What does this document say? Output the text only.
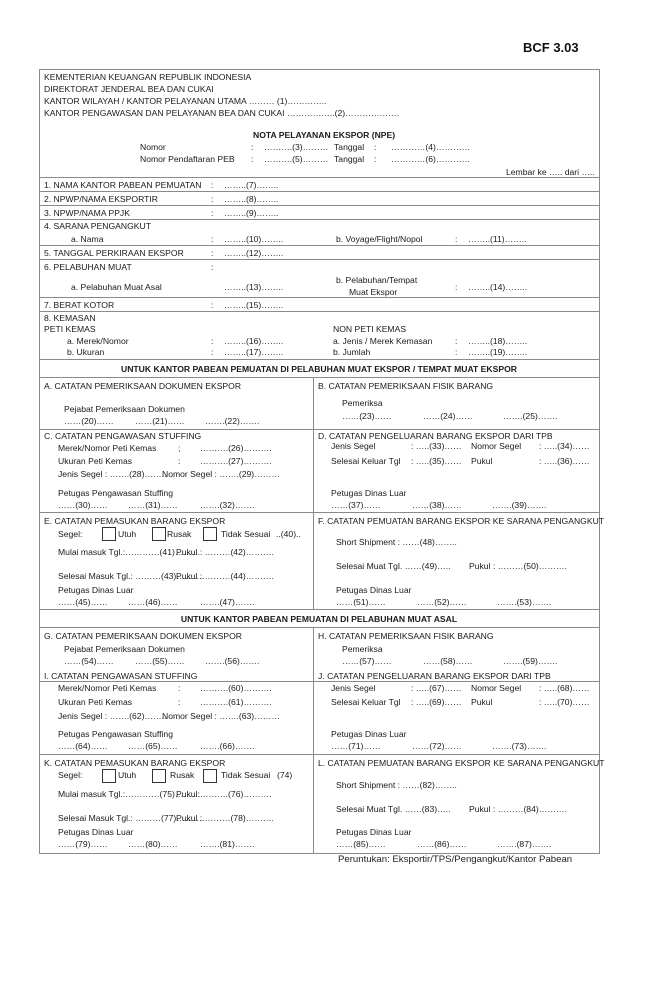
BCF 3.03
KEMENTERIAN KEUANGAN REPUBLIK INDONESIA
DIREKTORAT JENDERAL BEA DAN CUKAI
KANTOR WILAYAH / KANTOR PELAYANAN UTAMA ……… (1)…………..
KANTOR PENGAWASAN DAN PELAYANAN BEA DAN CUKAI ……………..(2)……………….
NOTA PELAYANAN EKSPOR (NPE)
Nomor	: ……….(3)……… Tanggal : …………(4)…………
Nomor Pendaftaran PEB : ……….(5)……… Tanggal : …………(6)…………
Lembar ke ….. dari …..
1. NAMA KANTOR PABEAN PEMUATAN : ……..(7)……..
2. NPWP/NAMA EKSPORTIR	: ……..(8)……..
3. NPWP/NAMA PPJK	: ……..(9)……..
4. SARANA PENGANGKUT
a. Nama	: ……..(10)……..	b. Voyage/Flight/Nopol	: ……..(11)……..
5. TANGGAL PERKIRAAN EKSPOR	: ……..(12)……..
6. PELABUHAN MUAT	:
a. Pelabuhan Muat Asal	……..(13)……..
b. Pelabuhan/Tempat
Muat Ekspor	: ……..(14)……..
7. BERAT KOTOR	: ……..(15)……..
8. KEMASAN
PETI KEMAS
a. Merek/Nomor	: ……..(16)……..
b. Ukuran	: ……..(17)……..
NON PETI KEMAS
a. Jenis / Merek Kemasan	: ……..(18)……..
b. Jumlah	: ……..(19)……..
UNTUK KANTOR PABEAN PEMUATAN DI PELABUHAN MUAT EKSPOR / TEMPAT MUAT EKSPOR
A. CATATAN PEMERIKSAAN DOKUMEN EKSPOR
Pejabat Pemeriksaan Dokumen
……(20)…… ……(21)…… …….(22)…….
B. CATATAN PEMERIKSAAN FISIK BARANG
Pemeriksa
……(23)……	……(24)……	…….(25)…….
C. CATATAN PENGAWASAN STUFFING
Merek/Nomor Peti Kemas	; ……….(26)……….
Ukuran Peti Kemas	: ……….(27)……….
Jenis Segel : …….(28)……..
Nomor Segel : …….(29)………
Petugas Pengawasan Stuffing
……(30)…… ……(31)……	…….(32)…….
D. CATATAN PENGELUARAN BARANG EKSPOR DARI TPB
Jenis Segel	: …..(33)…… Nomor Segel : …..(34)……
Selesai Keluar Tgl : …..(35)…… Pukul	: …..(36)……
Petugas Dinas Luar
……(37)……	……(38)……	…….(39)…….
E. CATATAN PEMASUKAN BARANG EKSPOR
Segel:	Utuh	Rusak	Tidak Sesuai ..(40)..
Mulai masuk Tgl.:…………(41)………
Pukul : ………(42)……….
Selesai Masuk Tgl.: ………(43)……….
Pukul : ………(44)……….
Petugas Dinas Luar
……(45)…… ……(46)……	…….(47)…….
F. CATATAN PEMUATAN BARANG EKSPOR KE SARANA PENGANGKUT
Short Shipment : ……(48)……..
Selesai Muat Tgl. ……(49)….. Pukul : ………(50)……….
Petugas Dinas Luar
……(51)……	……(52)……	…….(53)…….
UNTUK KANTOR PABEAN PEMUATAN DI PELABUHAN MUAT ASAL
G. CATATAN PEMERIKSAAN DOKUMEN EKSPOR
Pejabat Pemeriksaan Dokumen
……(54)…… ……(55)…… …….(56)…….
H. CATATAN PEMERIKSAAN FISIK BARANG
Pemeriksa
……(57)……	……(58)……	…….(59)…….
I. CATATAN PENGAWASAN STUFFING
Merek/Nomor Peti Kemas	: ……….(60)……….
Ukuran Peti Kemas	: ……….(61)……….
Jenis Segel : …….(62)……..
Nomor Segel : …….(63)………
Petugas Pengawasan Stuffing
……(64)…… ……(65)……	…….(66)…….
J. CATATAN PENGELUARAN BARANG EKSPOR DARI TPB
Jenis Segel	: …..(67)…… Nomor Segel : …..(68)……
Selesai Keluar Tgl : …..(69)…… Pukul	: …..(70)……
Petugas Dinas Luar
……(71)……	……(72)……	…….(73)…….
K. CATATAN PEMASUKAN BARANG EKSPOR
Segel:	Utuh	Rusak	Tidak Sesuai (74)
Mulai masuk Tgl.:…………(75)………
Pukul:……….(76)……….
Selesai Masuk Tgl.: ………(77)……….
Pukul : ………(78)……….
Petugas Dinas Luar
……(79)…… ……(80)……	…….(81)…….
L. CATATAN PEMUATAN BARANG EKSPOR KE SARANA PENGANGKUT
Short Shipment : ……(82)……..
Selesai Muat Tgl. ……(83)….. Pukul : ………(84)……….
Petugas Dinas Luar
……(85)……	……(86)……	…….(87)…….
Peruntukan: Eksportir/TPS/Pengangkut/Kantor Pabean
